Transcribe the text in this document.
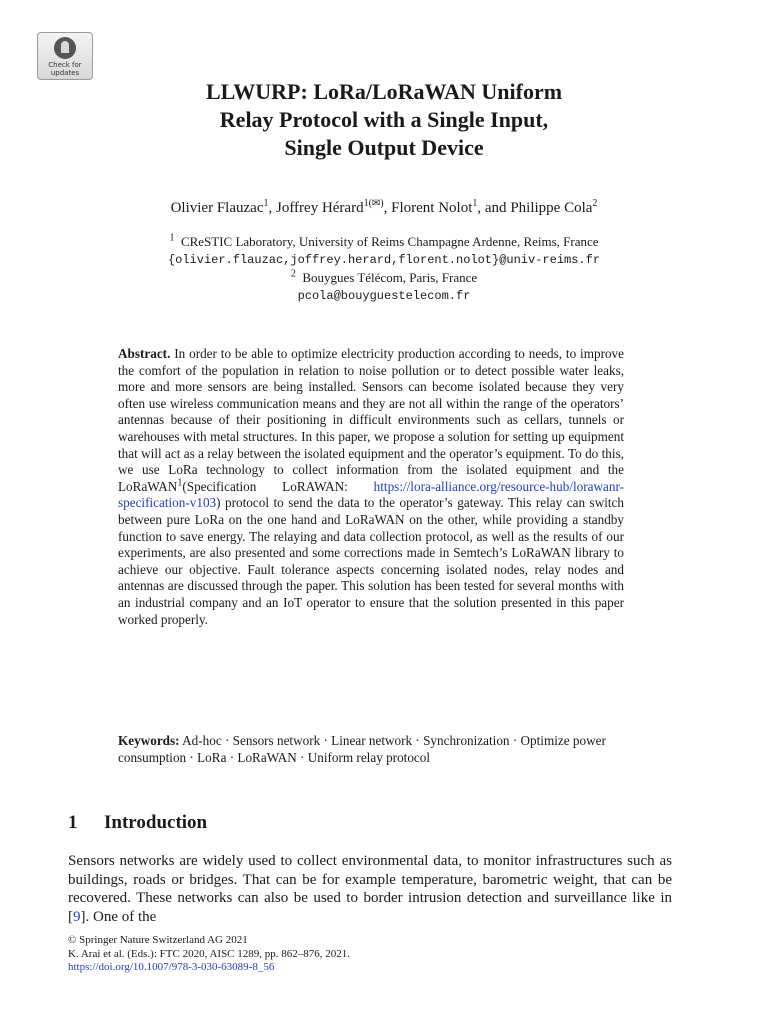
Check for
updates
LLWURP: LoRa/LoRaWAN Uniform
Relay Protocol with a Single Input,
Single Output Device
Olivier Flauzac$^1$, Joffrey Hérard$^{1(✉)}$, Florent Nolot$^1$, and Philippe Cola$^2$
$^1$ CReSTIC Laboratory, University of Reims Champagne Ardenne, Reims, France
{olivier.flauzac,joffrey.herard,florent.nolot}@univ-reims.fr
$^2$ Bouygues Télécom, Paris, France
pcola@bouyguestelecom.fr
Abstract. In order to be able to optimize electricity production according to needs, to improve the comfort of the population in relation to noise pollution or to detect possible water leaks, more and more sensors are being installed. Sensors can become isolated because they very often use wireless communication means and they are not all within the range of the operators’ antennas because of their positioning in difficult environments such as cellars, tunnels or warehouses with metal structures. In this paper, we propose a solution for setting up equipment that will act as a relay between the isolated equipment and the operator’s equipment. To do this, we use LoRa technology to collect information from the isolated equipment and the LoRaWAN$^1$(Specification LoRAWAN: https://lora-alliance.org/resource-hub/lorawanr-specification-v103) protocol to send the data to the operator’s gateway. This relay can switch between pure LoRa on the one hand and LoRaWAN on the other, while providing a standby function to save energy. The relaying and data collection protocol, as well as the results of our experiments, are also presented and some corrections made in Semtech’s LoRaWAN library to achieve our objective. Fault tolerance aspects concerning isolated nodes, relay nodes and antennas are discussed through the paper. This solution has been tested for several months with an industrial company and an IoT operator to ensure that the solution presented in this paper worked properly.
Keywords: Ad-hoc · Sensors network · Linear network · Synchronization · Optimize power consumption · LoRa · LoRaWAN · Uniform relay protocol
1 Introduction
Sensors networks are widely used to collect environmental data, to monitor infrastructures such as buildings, roads or bridges. That can be for example temperature, barometric weight, that can be recovered. These networks can also be used to border intrusion detection and surveillance like in [9]. One of the
© Springer Nature Switzerland AG 2021
K. Arai et al. (Eds.): FTC 2020, AISC 1289, pp. 862–876, 2021.
https://doi.org/10.1007/978-3-030-63089-8_56
